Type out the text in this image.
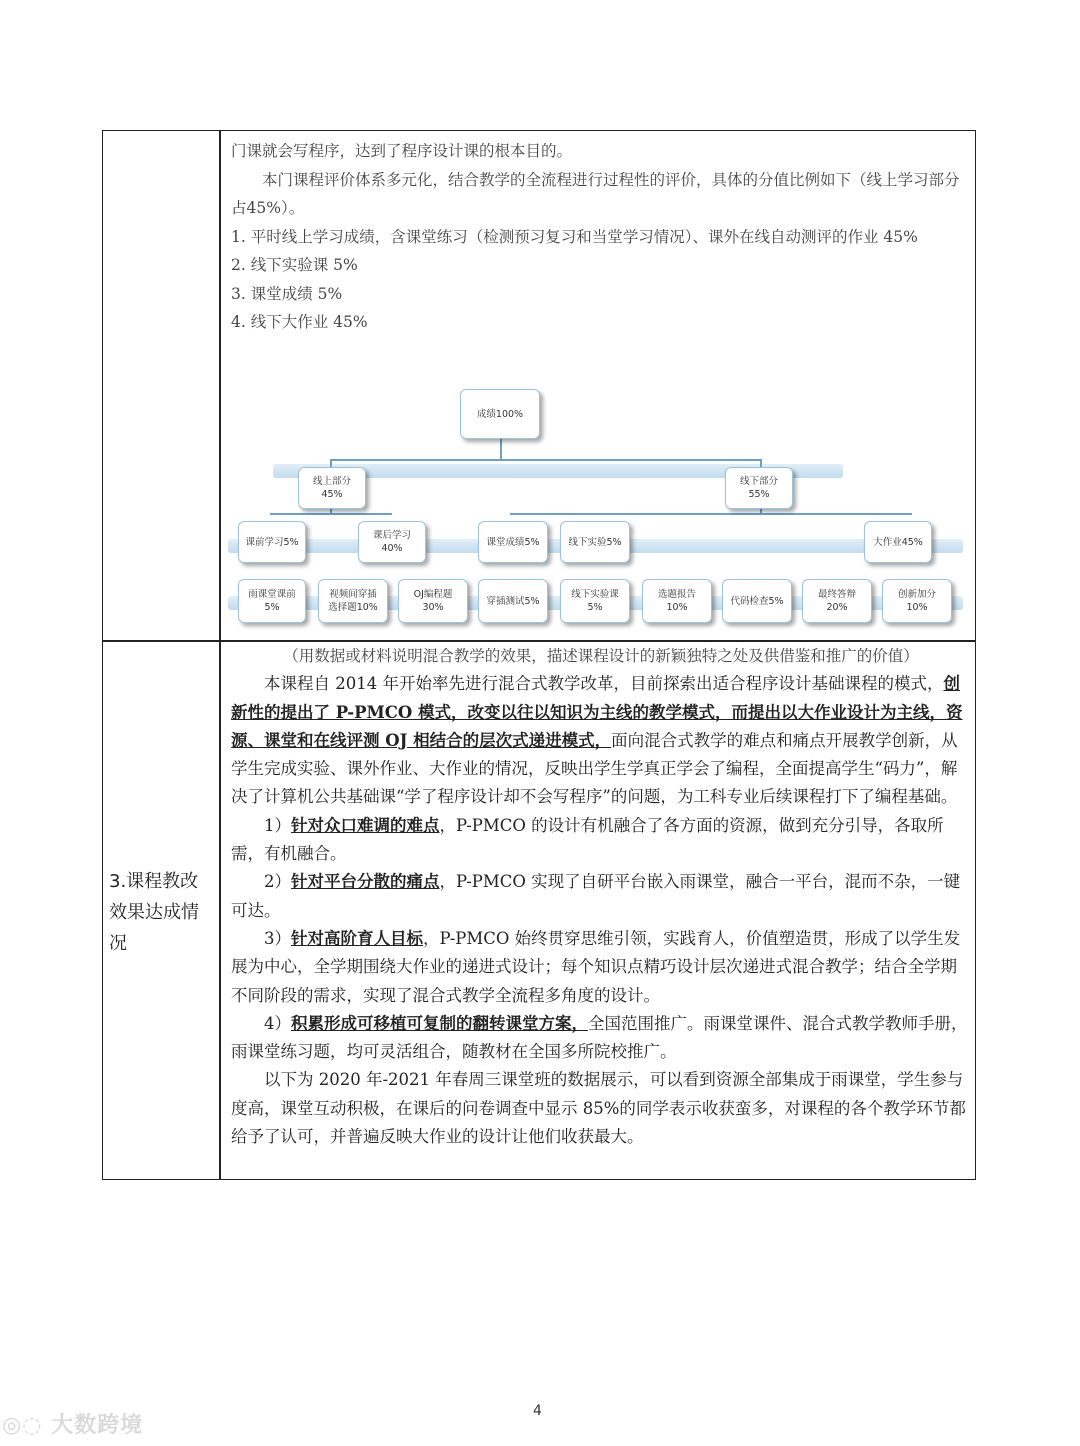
门课就会写程序，达到了程序设计课的根本目的。

本门课程评价体系多元化，结合教学的全流程进行过程性的评价，具体的分值比例如下（线上学习部分占45%）。

1. 平时线上学习成绩，含课堂练习（检测预习复习和当堂学习情况）、课外在线自动测评的作业 45%

2. 线下实验课 5%

3. 课堂成绩 5%

4. 线下大作业 45%

成绩100%
线上部分
45%
线下部分
55%
课前学习5%
课后学习
40%
课堂成绩5%	线下实验5%	大作业45%
雨课堂课前
5%
视频间穿插
选择题10%
OJ编程题
30%
穿插测试5%
线下实验课
5%
选题报告
10%
代码检查5%
最终答辩
20%
创新加分
10%
3.课程教改效果达成情况

（用数据或材料说明混合教学的效果，描述课程设计的新颖独特之处及供借鉴和推广的价值）

本课程自 2014 年开始率先进行混合式教学改革，目前探索出适合程序设计基础课程的模式，创新性的提出了 P-PMCO 模式，改变以往以知识为主线的教学模式，而提出以大作业设计为主线，资源、课堂和在线评测 OJ 相结合的层次式递进模式，面向混合式教学的难点和痛点开展教学创新，从学生完成实验、课外作业、大作业的情况，反映出学生学真正学会了编程，全面提高学生“码力”，解决了计算机公共基础课“学了程序设计却不会写程序”的问题，为工科专业后续课程打下了编程基础。

1）针对众口难调的难点，P-PMCO 的设计有机融合了各方面的资源，做到充分引导，各取所需，有机融合。

2）针对平台分散的痛点，P-PMCO 实现了自研平台嵌入雨课堂，融合一平台，混而不杂，一键可达。

3）针对高阶育人目标，P-PMCO 始终贯穿思维引领，实践育人，价值塑造贯，形成了以学生发展为中心，全学期围绕大作业的递进式设计；每个知识点精巧设计层次递进式混合教学；结合全学期不同阶段的需求，实现了混合式教学全流程多角度的设计。

4）积累形成可移植可复制的翻转课堂方案，全国范围推广。雨课堂课件、混合式教学教师手册，雨课堂练习题，均可灵活组合，随教材在全国多所院校推广。

以下为 2020 年-2021 年春周三课堂班的数据展示，可以看到资源全部集成于雨课堂，学生参与度高，课堂互动积极，在课后的问卷调查中显示 85%的同学表示收获蛮多，对课程的各个教学环节都给予了认可，并普遍反映大作业的设计让他们收获最大。

4
◎◌ 大数跨境
